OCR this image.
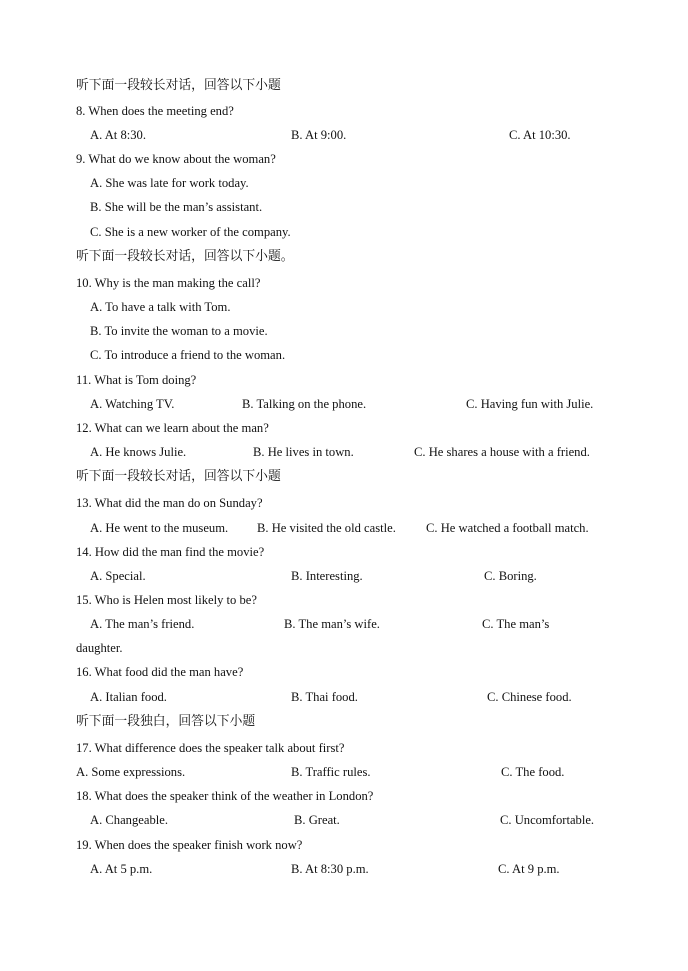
听下面一段较长对话，回答以下小题
8. When does the meeting end?
A. At 8:30.	B. At 9:00.	C. At 10:30.
9. What do we know about the woman?
A. She was late for work today.
B. She will be the man’s assistant.
C. She is a new worker of the company.
听下面一段较长对话，回答以下小题。
10. Why is the man making the call?
A. To have a talk with Tom.
B. To invite the woman to a movie.
C. To introduce a friend to the woman.
11. What is Tom doing?
A. Watching TV.	B. Talking on the phone.	C. Having fun with Julie.
12. What can we learn about the man?
A. He knows Julie.	B. He lives in town.	C. He shares a house with a friend.
听下面一段较长对话，回答以下小题
13. What did the man do on Sunday?
A. He went to the museum. B. He visited the old castle. C. He watched a football match.
14. How did the man find the movie?
A. Special.	B. Interesting.	C. Boring.
15. Who is Helen most likely to be?
A. The man’s friend.	B. The man’s wife.	C. The man’s
daughter.
16. What food did the man have?
A. Italian food.	B. Thai food.	C. Chinese food.
听下面一段独白，回答以下小题
17. What difference does the speaker talk about first?
A. Some expressions.	B. Traffic rules.	C. The food.
18. What does the speaker think of the weather in London?
A. Changeable.	B. Great.	C. Uncomfortable.
19. When does the speaker finish work now?
A. At 5 p.m.	B. At 8:30 p.m.	C. At 9 p.m.
